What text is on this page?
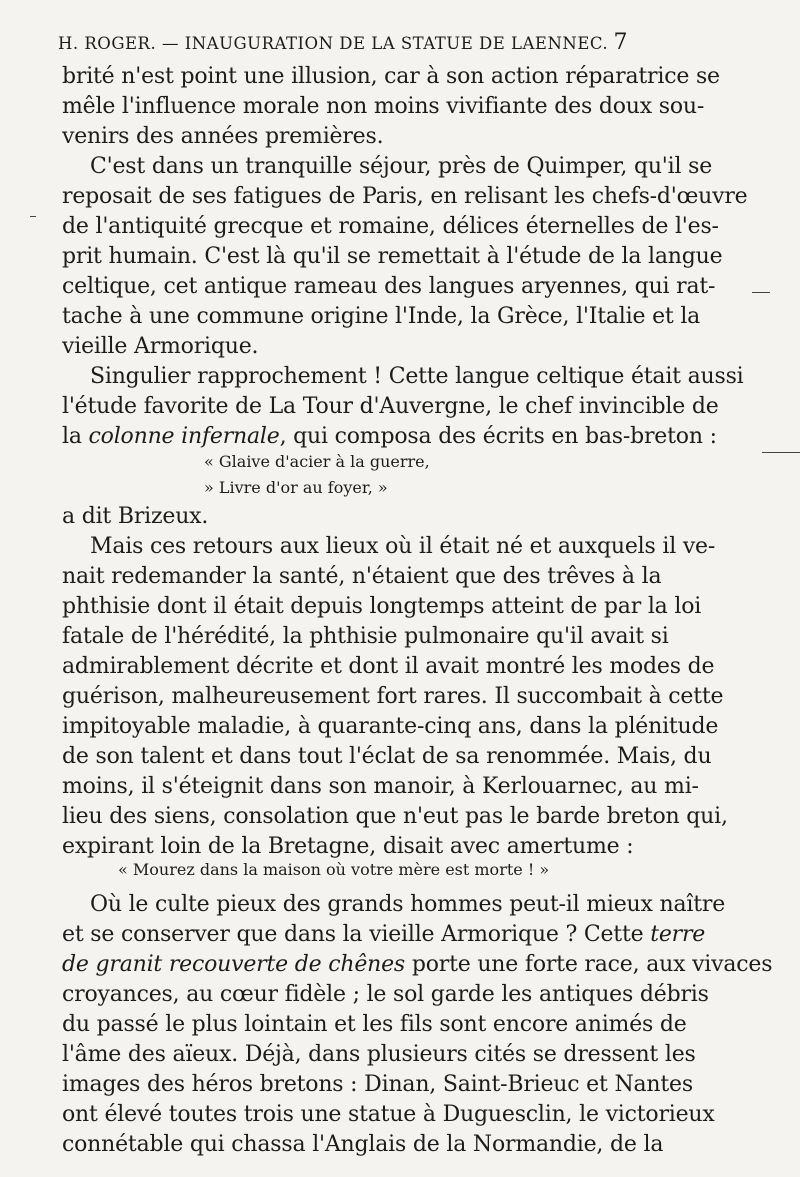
H. ROGER. — INAUGURATION DE LA STATUE DE LAENNEC. 7
brité n'est point une illusion, car à son action réparatrice se
mêle l'influence morale non moins vivifiante des doux sou-
venirs des années premières.
C'est dans un tranquille séjour, près de Quimper, qu'il se
reposait de ses fatigues de Paris, en relisant les chefs-d'œuvre
de l'antiquité grecque et romaine, délices éternelles de l'es-
prit humain. C'est là qu'il se remettait à l'étude de la langue
celtique, cet antique rameau des langues aryennes, qui rat-
tache à une commune origine l'Inde, la Grèce, l'Italie et la
vieille Armorique.
Singulier rapprochement ! Cette langue celtique était aussi
l'étude favorite de La Tour d'Auvergne, le chef invincible de
la colonne infernale, qui composa des écrits en bas-breton :
« Glaive d'acier à la guerre,
» Livre d'or au foyer, »
a dit Brizeux.
Mais ces retours aux lieux où il était né et auxquels il ve-
nait redemander la santé, n'étaient que des trêves à la
phthisie dont il était depuis longtemps atteint de par la loi
fatale de l'hérédité, la phthisie pulmonaire qu'il avait si
admirablement décrite et dont il avait montré les modes de
guérison, malheureusement fort rares. Il succombait à cette
impitoyable maladie, à quarante-cinq ans, dans la plénitude
de son talent et dans tout l'éclat de sa renommée. Mais, du
moins, il s'éteignit dans son manoir, à Kerlouarnec, au mi-
lieu des siens, consolation que n'eut pas le barde breton qui,
expirant loin de la Bretagne, disait avec amertume :
« Mourez dans la maison où votre mère est morte ! »
Où le culte pieux des grands hommes peut-il mieux naître
et se conserver que dans la vieille Armorique ? Cette terre
de granit recouverte de chênes porte une forte race, aux vivaces
croyances, au cœur fidèle ; le sol garde les antiques débris
du passé le plus lointain et les fils sont encore animés de
l'âme des aïeux. Déjà, dans plusieurs cités se dressent les
images des héros bretons : Dinan, Saint-Brieuc et Nantes
ont élevé toutes trois une statue à Duguesclin, le victorieux
connétable qui chassa l'Anglais de la Normandie, de la
